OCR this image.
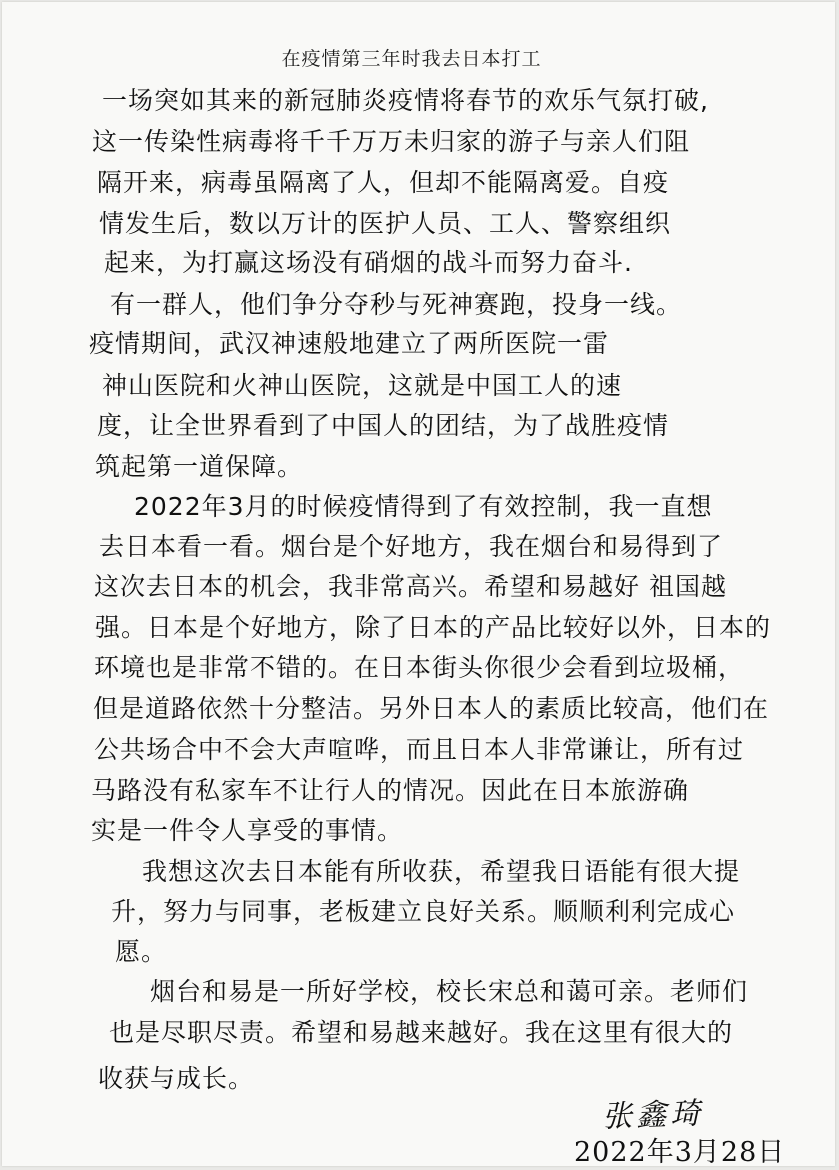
在疫情第三年时我去日本打工
一场突如其来的新冠肺炎疫情将春节的欢乐气氛打破,
这一传染性病毒将千千万万未归家的游子与亲人们阻
隔开来，病毒虽隔离了人，但却不能隔离爱。自疫
情发生后，数以万计的医护人员、工人、警察组织
起来，为打赢这场没有硝烟的战斗而努力奋斗.
有一群人，他们争分夺秒与死神赛跑，投身一线。
疫情期间，武汉神速般地建立了两所医院一雷
神山医院和火神山医院，这就是中国工人的速
度，让全世界看到了中国人的团结，为了战胜疫情
筑起第一道保障。
2022年3月的时候疫情得到了有效控制，我一直想
去日本看一看。烟台是个好地方，我在烟台和易得到了
这次去日本的机会，我非常高兴。希望和易越好 祖国越
强。日本是个好地方，除了日本的产品比较好以外，日本的
环境也是非常不错的。在日本街头你很少会看到垃圾桶，
但是道路依然十分整洁。另外日本人的素质比较高，他们在
公共场合中不会大声喧哗，而且日本人非常谦让，所有过
马路没有私家车不让行人的情况。因此在日本旅游确
实是一件令人享受的事情。
我想这次去日本能有所收获，希望我日语能有很大提
升，努力与同事，老板建立良好关系。顺顺利利完成心
愿。
烟台和易是一所好学校，校长宋总和蔼可亲。老师们
也是尽职尽责。希望和易越来越好。我在这里有很大的
收获与成长。
张鑫琦
2022年3月28日
